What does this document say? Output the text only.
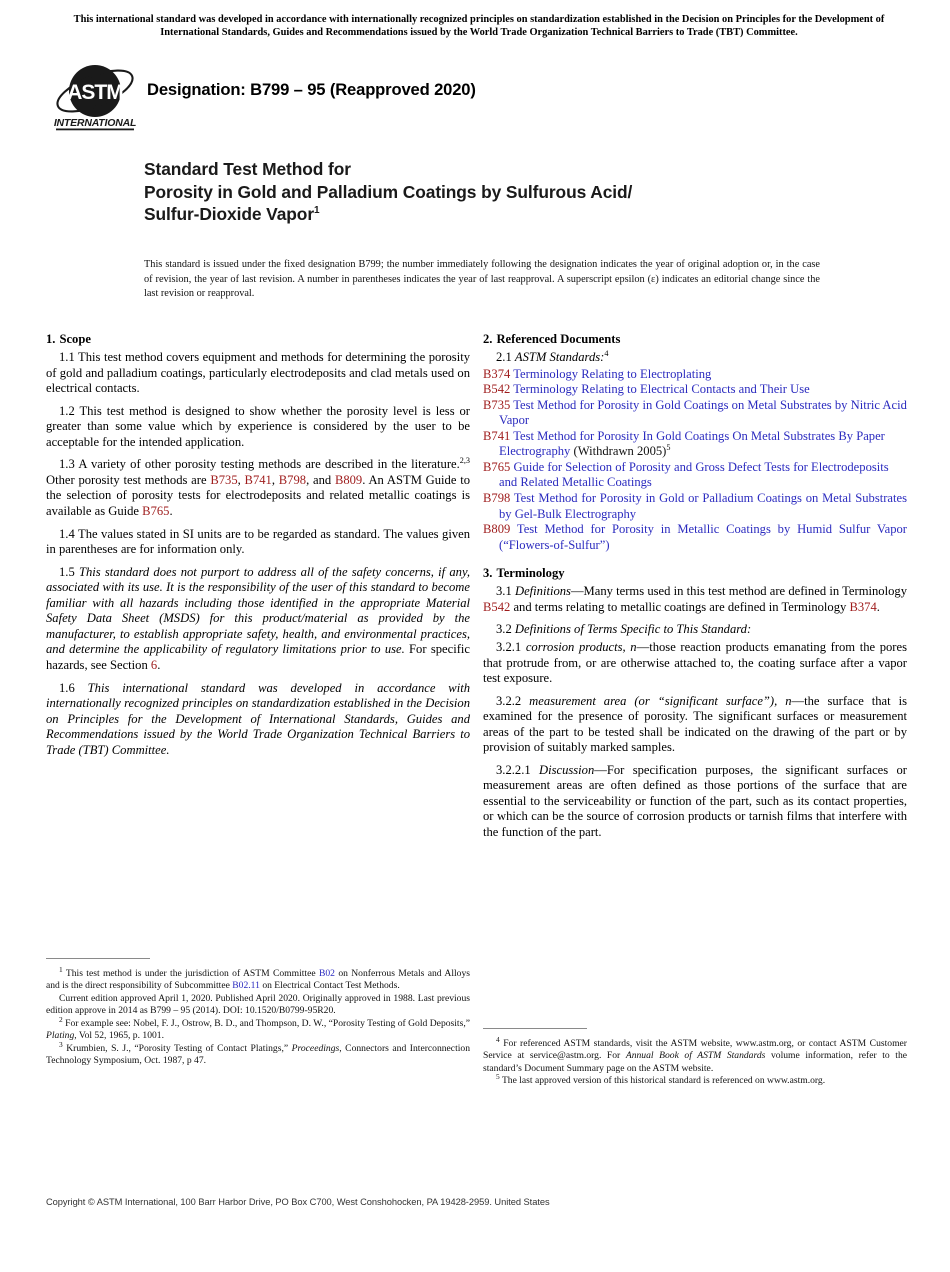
This international standard was developed in accordance with internationally recognized principles on standardization established in the Decision on Principles for the Development of International Standards, Guides and Recommendations issued by the World Trade Organization Technical Barriers to Trade (TBT) Committee.
ASTM
INTERNATIONAL
Designation: B799 – 95 (Reapproved 2020)
Standard Test Method for
Porosity in Gold and Palladium Coatings by Sulfurous Acid/
Sulfur-Dioxide Vapor$^1$
This standard is issued under the fixed designation B799; the number immediately following the designation indicates the year of original adoption or, in the case of revision, the year of last revision. A number in parentheses indicates the year of last reapproval. A superscript epsilon (ε) indicates an editorial change since the last revision or reapproval.
1. Scope

1.1 This test method covers equipment and methods for determining the porosity of gold and palladium coatings, particularly electrodeposits and clad metals used on electrical contacts.

1.2 This test method is designed to show whether the porosity level is less or greater than some value which by experience is considered by the user to be acceptable for the intended application.

1.3 A variety of other porosity testing methods are described in the literature.$^{2,3}$ Other porosity test methods are B735, B741, B798, and B809. An ASTM Guide to the selection of porosity tests for electrodeposits and related metallic coatings is available as Guide B765.

1.4 The values stated in SI units are to be regarded as standard. The values given in parentheses are for information only.

1.5 This standard does not purport to address all of the safety concerns, if any, associated with its use. It is the responsibility of the user of this standard to become familiar with all hazards including those identified in the appropriate Material Safety Data Sheet (MSDS) for this product/material as provided by the manufacturer, to establish appropriate safety, health, and environmental practices, and determine the applicability of regulatory limitations prior to use. For specific hazards, see Section 6.

1.6 This international standard was developed in accordance with internationally recognized principles on standardization established in the Decision on Principles for the Development of International Standards, Guides and Recommendations issued by the World Trade Organization Technical Barriers to Trade (TBT) Committee.

2. Referenced Documents

2.1 ASTM Standards:$^4$

B374 Terminology Relating to Electroplating
B542 Terminology Relating to Electrical Contacts and Their Use
B735 Test Method for Porosity in Gold Coatings on Metal Substrates by Nitric Acid Vapor
B741 Test Method for Porosity In Gold Coatings On Metal Substrates By Paper Electrography (Withdrawn 2005)$^5$
B765 Guide for Selection of Porosity and Gross Defect Tests for Electrodeposits and Related Metallic Coatings
B798 Test Method for Porosity in Gold or Palladium Coatings on Metal Substrates by Gel-Bulk Electrography
B809 Test Method for Porosity in Metallic Coatings by Humid Sulfur Vapor (“Flowers-of-Sulfur”)
3. Terminology

3.1 Definitions—Many terms used in this test method are defined in Terminology B542 and terms relating to metallic coatings are defined in Terminology B374.

3.2 Definitions of Terms Specific to This Standard:

3.2.1 corrosion products, n—those reaction products emanating from the pores that protrude from, or are otherwise attached to, the coating surface after a vapor test exposure.

3.2.2 measurement area (or “significant surface”), n—the surface that is examined for the presence of porosity. The significant surfaces or measurement areas of the part to be tested shall be indicated on the drawing of the part or by provision of suitably marked samples.

3.2.2.1 Discussion—For specification purposes, the significant surfaces or measurement areas are often defined as those portions of the surface that are essential to the serviceability or function of the part, such as its contact properties, or which can be the source of corrosion products or tarnish films that interfere with the function of the part.

$^1$ This test method is under the jurisdiction of ASTM Committee B02 on Nonferrous Metals and Alloys and is the direct responsibility of Subcommittee B02.11 on Electrical Contact Test Methods.

Current edition approved April 1, 2020. Published April 2020. Originally approved in 1988. Last previous edition approve in 2014 as B799 – 95 (2014). DOI: 10.1520/B0799-95R20.

$^2$ For example see: Nobel, F. J., Ostrow, B. D., and Thompson, D. W., “Porosity Testing of Gold Deposits,” Plating, Vol 52, 1965, p. 1001.

$^3$ Krumbien, S. J., “Porosity Testing of Contact Platings,” Proceedings, Connectors and Interconnection Technology Symposium, Oct. 1987, p 47.

$^4$ For referenced ASTM standards, visit the ASTM website, www.astm.org, or contact ASTM Customer Service at service@astm.org. For Annual Book of ASTM Standards volume information, refer to the standard’s Document Summary page on the ASTM website.

$^5$ The last approved version of this historical standard is referenced on www.astm.org.

Copyright © ASTM International, 100 Barr Harbor Drive, PO Box C700, West Conshohocken, PA 19428-2959. United States
